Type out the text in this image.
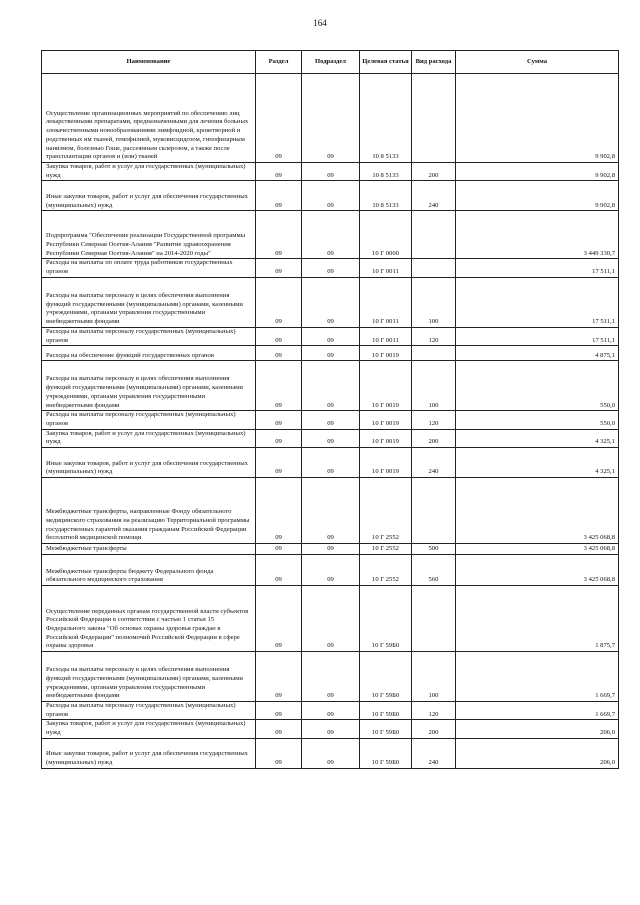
164
Наименование	Раздел	Подраздел	Целевая статья	Вид расхода	Сумма
Осуществление организационных мероприятий по обеспечению лиц лекарственными препаратами, предназначенными для лечения больных злокачественными новообразованиями лимфоидной, кроветворной и родственных им тканей, гемофилией, муковисцидозом, гипофизарным нанизмом, болезнью Гоше, рассеянным склерозом, а также после трансплантации органов и (или) тканей	09	09	10 8 5133		9 902,8
Закупка товаров, работ и услуг для государственных (муниципальных) нужд	09	09	10 8 5133	200	9 902,8
Иные закупки товаров, работ и услуг для обеспечения государственных (муниципальных) нужд	09	09	10 8 5133	240	9 902,8
Подпрограмма "Обеспечение реализации Государственной программы Республики Северная Осетия-Алания "Развитие здравоохранения Республики Северная Осетия-Алания" на 2014-2020 годы"	09	09	10 Г 0000		3 449 330,7
Расходы на выплаты по оплате труда работников государственных органов	09	09	10 Г 0011		17 511,1
Расходы на выплаты персоналу в целях обеспечения выполнения функций государственными (муниципальными) органами, казенными учреждениями, органами управления государственными внебюджетными фондами	09	09	10 Г 0011	100	17 511,1
Расходы на выплаты персоналу государственных (муниципальных) органов	09	09	10 Г 0011	120	17 511,1
Расходы на обеспечение функций государственных органов	09	09	10 Г 0019		4 875,1
Расходы на выплаты персоналу в целях обеспечения выполнения функций государственными (муниципальными) органами, казенными учреждениями, органами управления государственными внебюджетными фондами	09	09	10 Г 0019	100	550,0
Расходы на выплаты персоналу государственных (муниципальных) органов	09	09	10 Г 0019	120	550,0
Закупка товаров, работ и услуг для государственных (муниципальных) нужд	09	09	10 Г 0019	200	4 325,1
Иные закупки товаров, работ и услуг для обеспечения государственных (муниципальных) нужд	09	09	10 Г 0019	240	4 325,1
Межбюджетные трансферты, направленные Фонду обязательного медицинского страхования на реализацию Территориальной программы государственных гарантий оказания гражданам Российской Федерации бесплатной медицинской помощи	09	09	10 Г 2552		3 425 068,8
Межбюджетные трансферты	09	09	10 Г 2552	500	3 425 068,8
Межбюджетные трансферты бюджету Федерального фонда обязательного медицинского страхования	09	09	10 Г 2552	560	3 425 068,8
Осуществление переданных органам государственной власти субъектов Российской Федерации в соответствии с частью 1 статьи 15 Федерального закона "Об основах охраны здоровья граждан в Российской Федерации" полномочий Российской Федерации в сфере охраны здоровья	09	09	10 Г 59Б0		1 875,7
Расходы на выплаты персоналу в целях обеспечения выполнения функций государственными (муниципальными) органами, казенными учреждениями, органами управления государственными внебюджетными фондами	09	09	10 Г 59Б0	100	1 669,7
Расходы на выплаты персоналу государственных (муниципальных) органов	09	09	10 Г 59Б0	120	1 669,7
Закупка товаров, работ и услуг для государственных (муниципальных) нужд	09	09	10 Г 59Б0	200	206,0
Иные закупки товаров, работ и услуг для обеспечения государственных (муниципальных) нужд	09	09	10 Г 59Б0	240	206,0
